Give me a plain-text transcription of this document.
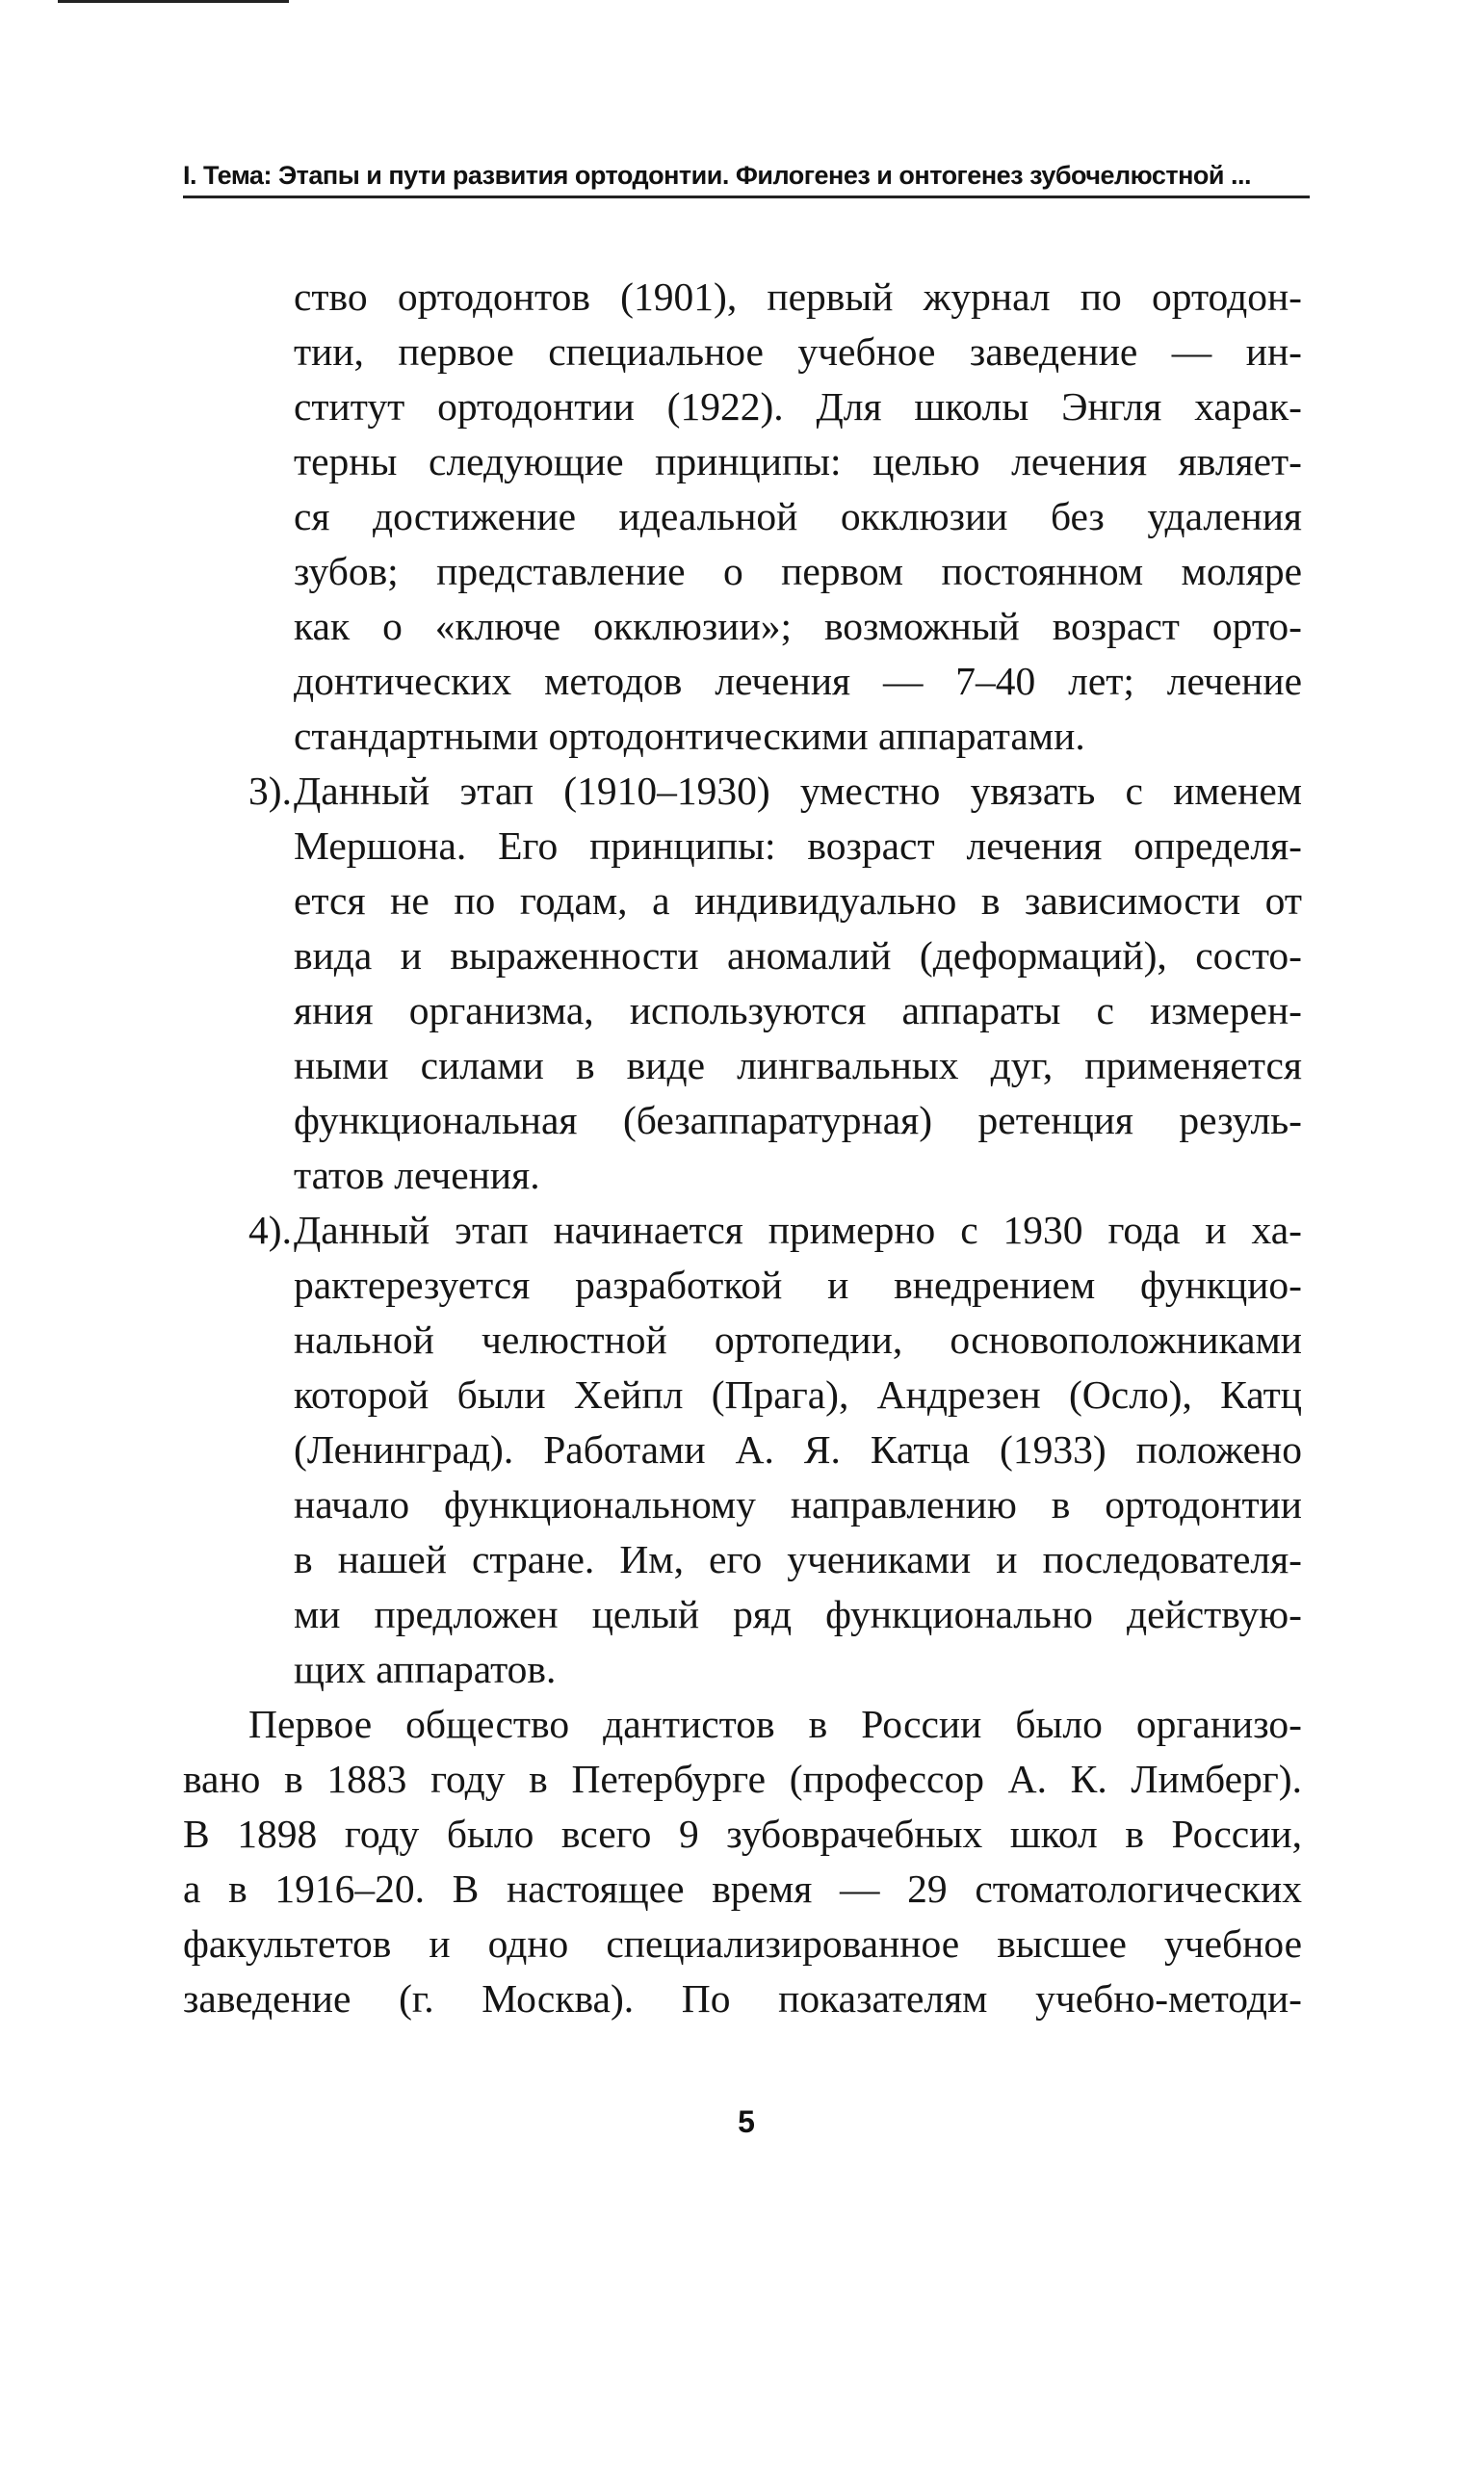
I. Тема: Этапы и пути развития ортодонтии. Филогенез и онтогенез зубочелюстной ...

ство ортодонтов (1901), первый журнал по ортодон-

тии, первое специальное учебное заведение — ин-

ститут ортодонтии (1922). Для школы Энгля харак-

терны следующие принципы: целью лечения являет-

ся достижение идеальной окклюзии без удаления

зубов; представление о первом постоянном моляре

как о «ключе окклюзии»; возможный возраст орто-

донтических методов лечения — 7–40 лет; лечение

стандартными ортодонтическими аппаратами.

3). Данный этап (1910–1930) уместно увязать с именем

Мершона. Его принципы: возраст лечения определя-

ется не по годам, а индивидуально в зависимости от

вида и выраженности аномалий (деформаций), состо-

яния организма, используются аппараты с измерен-

ными силами в виде лингвальных дуг, применяется

функциональная (безаппаратурная) ретенция резуль-

татов лечения.

4). Данный этап начинается примерно с 1930 года и ха-

рактерезуется разработкой и внедрением функцио-

нальной челюстной ортопедии, основоположниками

которой были Хейпл (Прага), Андрезен (Осло), Катц

(Ленинград). Работами А. Я. Катца (1933) положено

начало функциональному направлению в ортодонтии

в нашей стране. Им, его учениками и последователя-

ми предложен целый ряд функционально действую-

щих аппаратов.

Первое общество дантистов в России было организо-

вано в 1883 году в Петербурге (профессор А. К. Лимберг).

В 1898 году было всего 9 зубоврачебных школ в России,

а в 1916–20. В настоящее время — 29 стоматологических

факультетов и одно специализированное высшее учебное

заведение (г. Москва). По показателям учебно-методи-

5
